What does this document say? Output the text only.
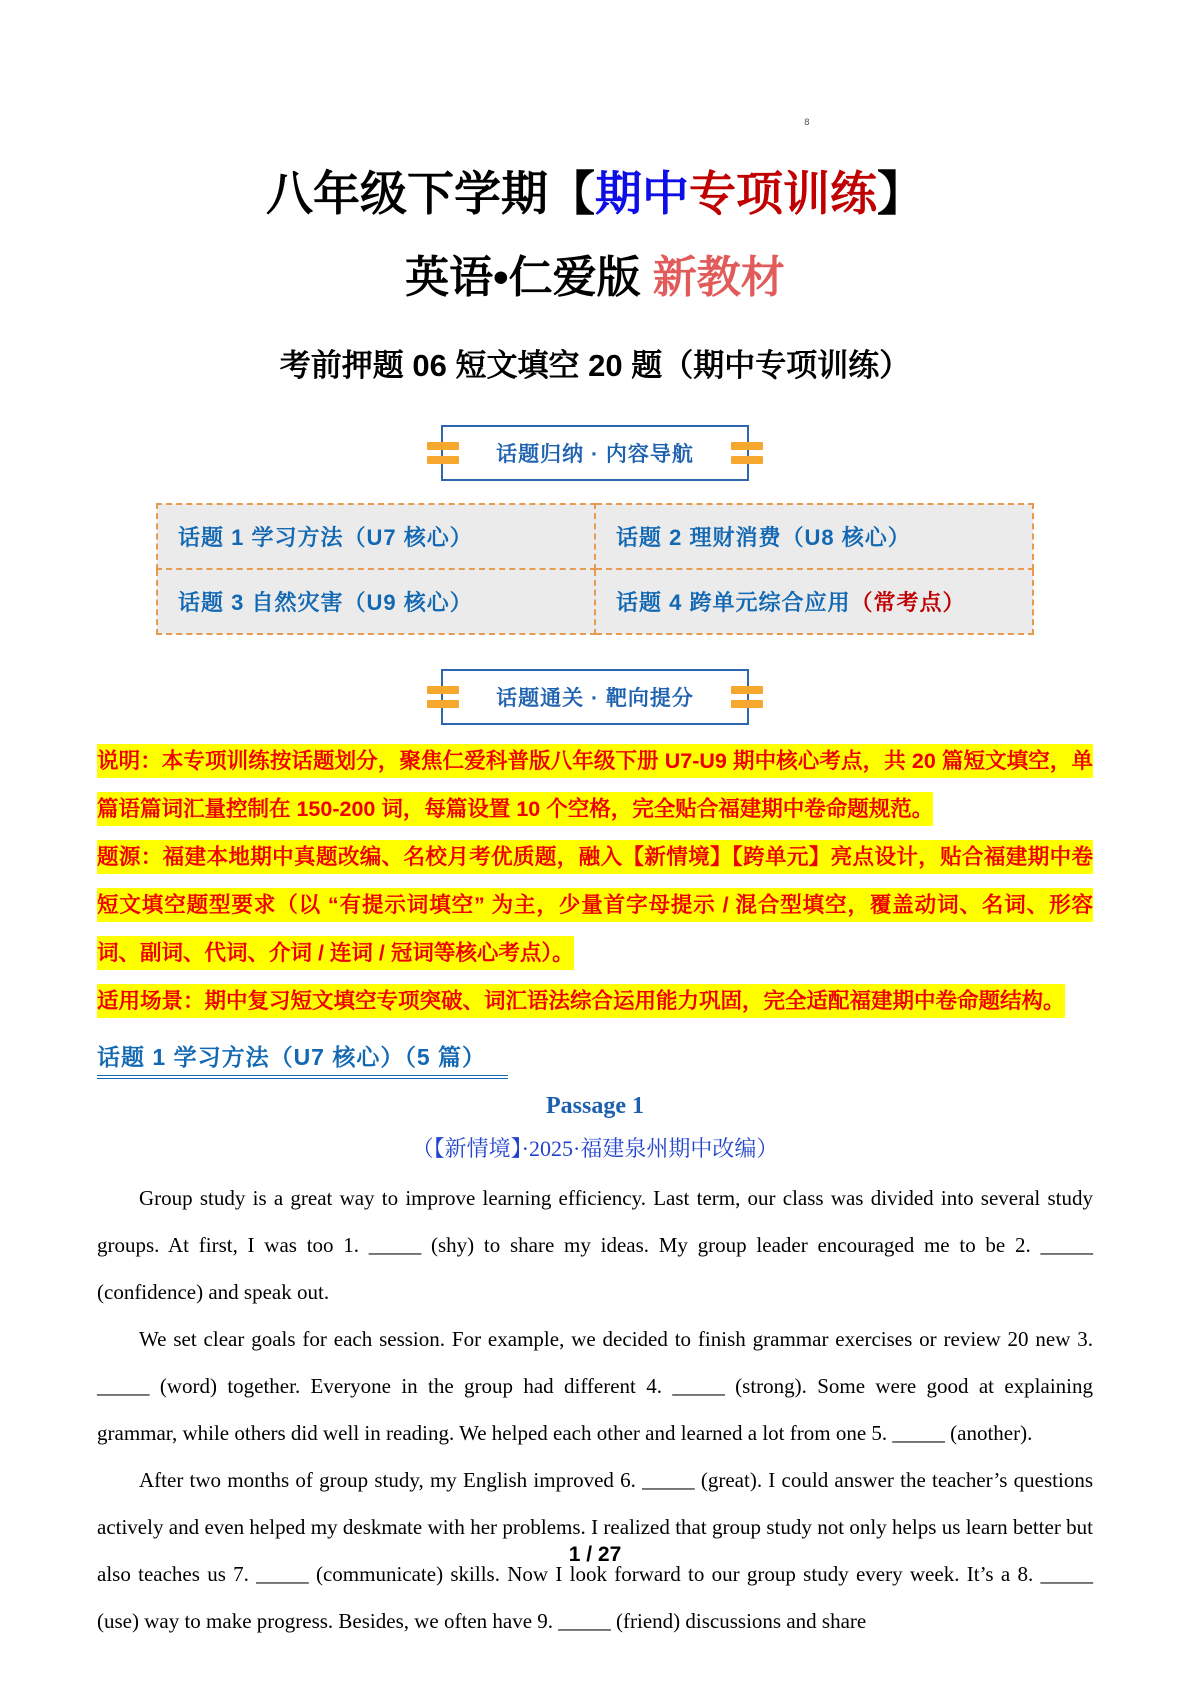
8
八年级下学期【期中专项训练】
英语•仁爱版 新教材
考前押题 06 短文填空 20 题（期中专项训练）
话题归纳 · 内容导航
话题 1 学习方法（U7 核心）	话题 2 理财消费（U8 核心）
话题 3 自然灾害（U9 核心）	话题 4 跨单元综合应用（常考点）
话题通关 · 靶向提分

说明：本专项训练按话题划分，聚焦仁爱科普版八年级下册 U7-U9 期中核心考点，共 20 篇短文填空，单篇语篇词汇量控制在 150-200 词，每篇设置 10 个空格，完全贴合福建期中卷命题规范。

题源：福建本地期中真题改编、名校月考优质题，融入【新情境】【跨单元】亮点设计，贴合福建期中卷短文填空题型要求（以 “有提示词填空” 为主，少量首字母提示 / 混合型填空，覆盖动词、名词、形容词、副词、代词、介词 / 连词 / 冠词等核心考点）。

适用场景：期中复习短文填空专项突破、词汇语法综合运用能力巩固，完全适配福建期中卷命题结构。

话题 1 学习方法（U7 核心）（5 篇）
Passage 1
（【新情境】·2025·福建泉州期中改编）

Group study is a great way to improve learning efficiency. Last term, our class was divided into several study groups. At first, I was too 1. _____ (shy) to share my ideas. My group leader encouraged me to be 2. _____ (confidence) and speak out.

We set clear goals for each session. For example, we decided to finish grammar exercises or review 20 new 3. _____ (word) together. Everyone in the group had different 4. _____ (strong). Some were good at explaining grammar, while others did well in reading. We helped each other and learned a lot from one 5. _____ (another).

After two months of group study, my English improved 6. _____ (great). I could answer the teacher’s questions actively and even helped my deskmate with her problems. I realized that group study not only helps us learn better but also teaches us 7. _____ (communicate) skills. Now I look forward to our group study every week. It’s a 8. _____ (use) way to make progress. Besides, we often have 9. _____ (friend) discussions and share

1 / 27
